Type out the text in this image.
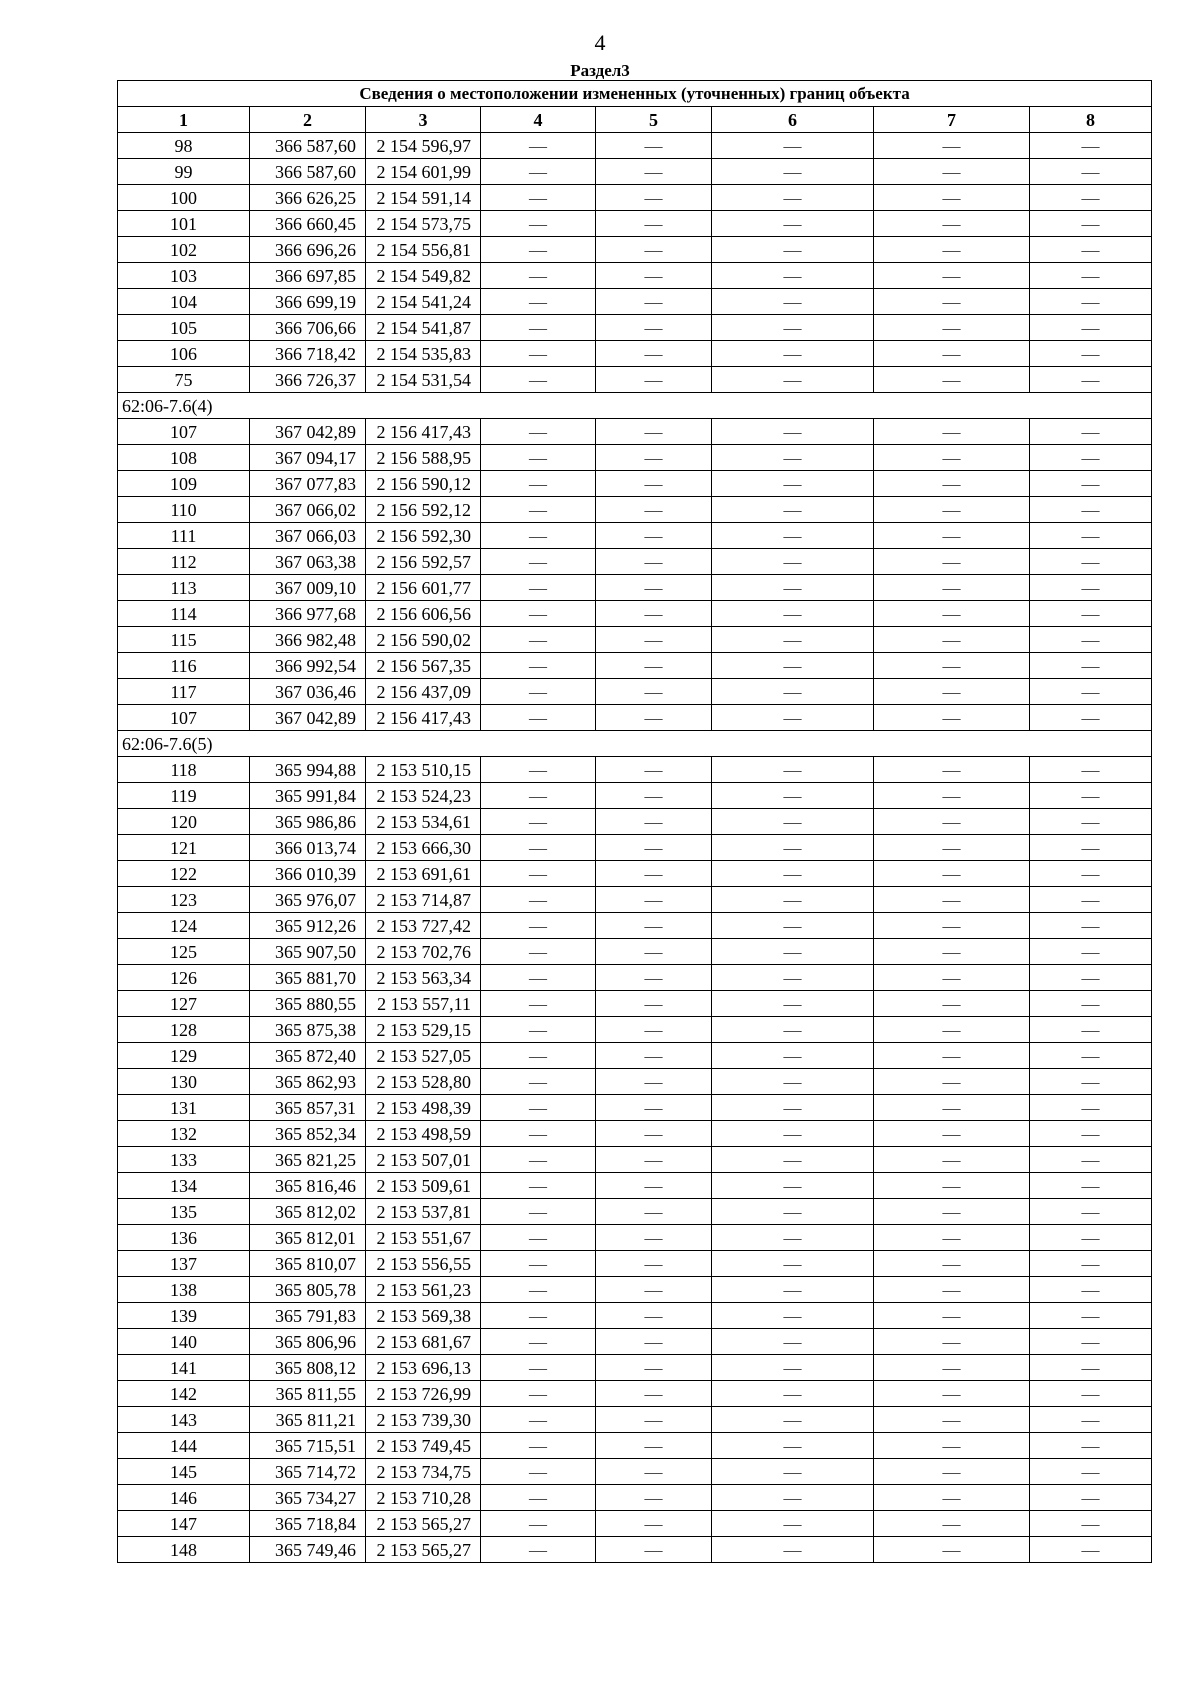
4
Раздел3
Сведения о местоположении измененных (уточненных) границ объекта							
1	2	3	4	5	6	7	8
98	366 587,60	2 154 596,97	—	—	—	—	—
99	366 587,60	2 154 601,99	—	—	—	—	—
100	366 626,25	2 154 591,14	—	—	—	—	—
101	366 660,45	2 154 573,75	—	—	—	—	—
102	366 696,26	2 154 556,81	—	—	—	—	—
103	366 697,85	2 154 549,82	—	—	—	—	—
104	366 699,19	2 154 541,24	—	—	—	—	—
105	366 706,66	2 154 541,87	—	—	—	—	—
106	366 718,42	2 154 535,83	—	—	—	—	—
75	366 726,37	2 154 531,54	—	—	—	—	—
62:06-7.6(4)							
107	367 042,89	2 156 417,43	—	—	—	—	—
108	367 094,17	2 156 588,95	—	—	—	—	—
109	367 077,83	2 156 590,12	—	—	—	—	—
110	367 066,02	2 156 592,12	—	—	—	—	—
111	367 066,03	2 156 592,30	—	—	—	—	—
112	367 063,38	2 156 592,57	—	—	—	—	—
113	367 009,10	2 156 601,77	—	—	—	—	—
114	366 977,68	2 156 606,56	—	—	—	—	—
115	366 982,48	2 156 590,02	—	—	—	—	—
116	366 992,54	2 156 567,35	—	—	—	—	—
117	367 036,46	2 156 437,09	—	—	—	—	—
107	367 042,89	2 156 417,43	—	—	—	—	—
62:06-7.6(5)							
118	365 994,88	2 153 510,15	—	—	—	—	—
119	365 991,84	2 153 524,23	—	—	—	—	—
120	365 986,86	2 153 534,61	—	—	—	—	—
121	366 013,74	2 153 666,30	—	—	—	—	—
122	366 010,39	2 153 691,61	—	—	—	—	—
123	365 976,07	2 153 714,87	—	—	—	—	—
124	365 912,26	2 153 727,42	—	—	—	—	—
125	365 907,50	2 153 702,76	—	—	—	—	—
126	365 881,70	2 153 563,34	—	—	—	—	—
127	365 880,55	2 153 557,11	—	—	—	—	—
128	365 875,38	2 153 529,15	—	—	—	—	—
129	365 872,40	2 153 527,05	—	—	—	—	—
130	365 862,93	2 153 528,80	—	—	—	—	—
131	365 857,31	2 153 498,39	—	—	—	—	—
132	365 852,34	2 153 498,59	—	—	—	—	—
133	365 821,25	2 153 507,01	—	—	—	—	—
134	365 816,46	2 153 509,61	—	—	—	—	—
135	365 812,02	2 153 537,81	—	—	—	—	—
136	365 812,01	2 153 551,67	—	—	—	—	—
137	365 810,07	2 153 556,55	—	—	—	—	—
138	365 805,78	2 153 561,23	—	—	—	—	—
139	365 791,83	2 153 569,38	—	—	—	—	—
140	365 806,96	2 153 681,67	—	—	—	—	—
141	365 808,12	2 153 696,13	—	—	—	—	—
142	365 811,55	2 153 726,99	—	—	—	—	—
143	365 811,21	2 153 739,30	—	—	—	—	—
144	365 715,51	2 153 749,45	—	—	—	—	—
145	365 714,72	2 153 734,75	—	—	—	—	—
146	365 734,27	2 153 710,28	—	—	—	—	—
147	365 718,84	2 153 565,27	—	—	—	—	—
148	365 749,46	2 153 565,27	—	—	—	—	—
